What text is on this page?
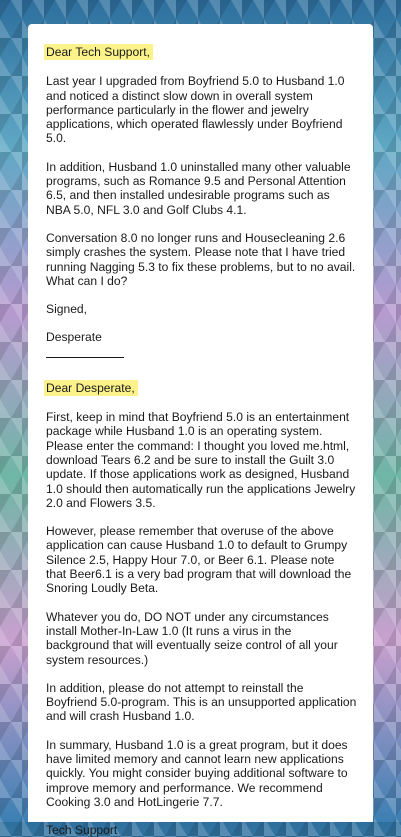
Dear Tech Support,

Last year I upgraded from Boyfriend 5.0 to Husband 1.0 and noticed a distinct slow down in overall system performance particularly in the flower and jewelry applications, which operated flawlessly under Boyfriend 5.0.

In addition, Husband 1.0 uninstalled many other valuable programs, such as Romance 9.5 and Personal Attention 6.5, and then installed undesirable programs such as NBA 5.0, NFL 3.0 and Golf Clubs 4.1.

Conversation 8.0 no longer runs and Housecleaning 2.6 simply crashes the system. Please note that I have tried running Nagging 5.3 to fix these problems, but to no avail. What can I do?

Signed,

Desperate

Dear Desperate,

First, keep in mind that Boyfriend 5.0 is an entertainment package while Husband 1.0 is an operating system. Please enter the command: I thought you loved me.html, download Tears 6.2 and be sure to install the Guilt 3.0 update. If those applications work as designed, Husband 1.0 should then automatically run the applications Jewelry 2.0 and Flowers 3.5.

However, please remember that overuse of the above application can cause Husband 1.0 to default to Grumpy Silence 2.5, Happy Hour 7.0, or Beer 6.1. Please note that Beer6.1 is a very bad program that will download the Snoring Loudly Beta.

Whatever you do, DO NOT under any circumstances install Mother-In-Law 1.0 (It runs a virus in the background that will eventually seize control of all your system resources.)

In addition, please do not attempt to reinstall the Boyfriend 5.0-program. This is an unsupported application and will crash Husband 1.0.

In summary, Husband 1.0 is a great program, but it does have limited memory and cannot learn new applications quickly. You might consider buying additional software to improve memory and performance. We recommend Cooking 3.0 and HotLingerie 7.7.

Tech Support
